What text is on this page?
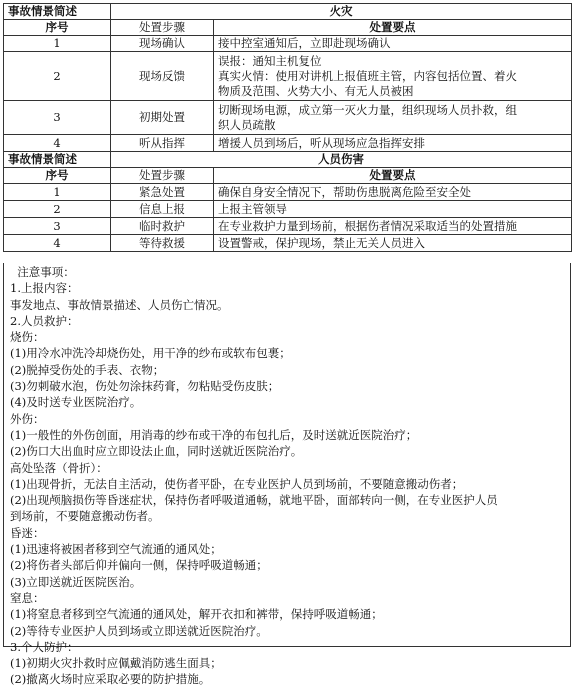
事故情景简述	火灾	
序号	处置步骤	处置要点
1	现场确认	接中控室通知后，立即赴现场确认

2	现场反馈	误报：通知主机复位
真实火情：使用对讲机上报值班主管，内容包括位置、着火
物质及范围、火势大小、有无人员被困

3	初期处置	切断现场电源，成立第一灭火力量，组织现场人员扑救，组
织人员疏散

4	听从指挥	增援人员到场后，听从现场应急指挥安排

事故情景简述	人员伤害	
序号	处置步骤	处置要点
1	紧急处置	确保自身安全情况下，帮助伤患脱离危险至安全处
2	信息上报	上报主管领导
3	临时救护	在专业救护力量到场前，根据伤者情况采取适当的处置措施
4	等待救援	设置警戒，保护现场，禁止无关人员进入
注意事项：
1.上报内容：
事发地点、事故情景描述、人员伤亡情况。
2.人员救护：
烧伤：
(1)用冷水冲洗冷却烧伤处，用干净的纱布或软布包裹；
(2)脱掉受伤处的手表、衣物；
(3)勿刺破水泡，伤处勿涂抹药膏，勿粘贴受伤皮肤；
(4)及时送专业医院治疗。
外伤：
(1)一般性的外伤创面，用消毒的纱布或干净的布包扎后，及时送就近医院治疗；
(2)伤口大出血时应立即设法止血，同时送就近医院治疗。
高处坠落（骨折）：
(1)出现骨折，无法自主活动，使伤者平卧，在专业医护人员到场前，不要随意搬动伤者；
(2)出现颅脑损伤等昏迷症状，保持伤者呼吸道通畅，就地平卧，面部转向一侧，在专业医护人员
到场前，不要随意搬动伤者。
昏迷：
(1)迅速将被困者移到空气流通的通风处；
(2)将伤者头部后仰并偏向一侧，保持呼吸道畅通；
(3)立即送就近医院医治。
窒息：
(1)将窒息者移到空气流通的通风处，解开衣扣和裤带，保持呼吸道畅通；
(2)等待专业医护人员到场或立即送就近医院治疗。
3.个人防护：
(1)初期火灾扑救时应佩戴消防逃生面具；
(2)撤离火场时应采取必要的防护措施。
